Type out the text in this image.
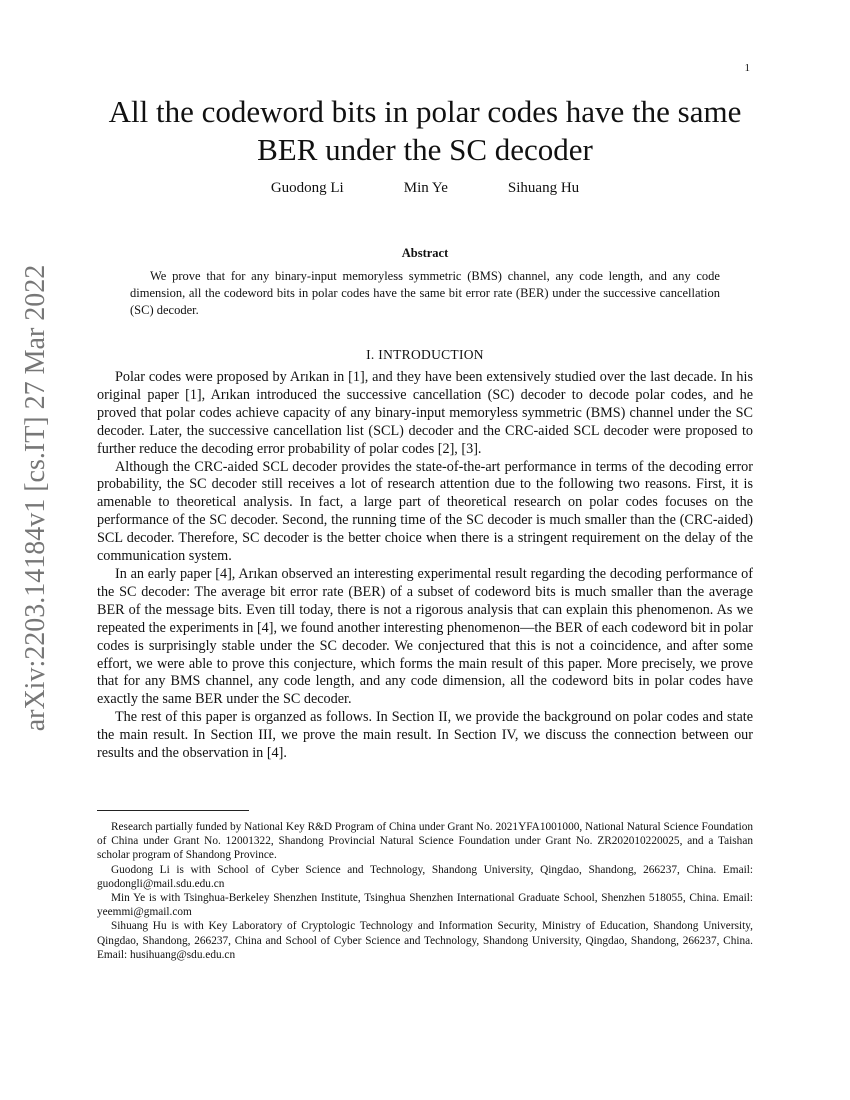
1
arXiv:2203.14184v1 [cs.IT] 27 Mar 2022
All the codeword bits in polar codes have the same BER under the SC decoder
Guodong Li	Min Ye	Sihuang Hu
Abstract

We prove that for any binary-input memoryless symmetric (BMS) channel, any code length, and any code dimension, all the codeword bits in polar codes have the same bit error rate (BER) under the successive cancellation (SC) decoder.

I. INTRODUCTION

Polar codes were proposed by Arıkan in [1], and they have been extensively studied over the last decade. In his original paper [1], Arıkan introduced the successive cancellation (SC) decoder to decode polar codes, and he proved that polar codes achieve capacity of any binary-input memoryless symmetric (BMS) channel under the SC decoder. Later, the successive cancellation list (SCL) decoder and the CRC-aided SCL decoder were proposed to further reduce the decoding error probability of polar codes [2], [3].

Although the CRC-aided SCL decoder provides the state-of-the-art performance in terms of the decoding error probability, the SC decoder still receives a lot of research attention due to the following two reasons. First, it is amenable to theoretical analysis. In fact, a large part of theoretical research on polar codes focuses on the performance of the SC decoder. Second, the running time of the SC decoder is much smaller than the (CRC-aided) SCL decoder. Therefore, SC decoder is the better choice when there is a stringent requirement on the delay of the communication system.

In an early paper [4], Arıkan observed an interesting experimental result regarding the decoding performance of the SC decoder: The average bit error rate (BER) of a subset of codeword bits is much smaller than the average BER of the message bits. Even till today, there is not a rigorous analysis that can explain this phenomenon. As we repeated the experiments in [4], we found another interesting phenomenon—the BER of each codeword bit in polar codes is surprisingly stable under the SC decoder. We conjectured that this is not a coincidence, and after some effort, we were able to prove this conjecture, which forms the main result of this paper. More precisely, we prove that for any BMS channel, any code length, and any code dimension, all the codeword bits in polar codes have exactly the same BER under the SC decoder.

The rest of this paper is organzed as follows. In Section II, we provide the background on polar codes and state the main result. In Section III, we prove the main result. In Section IV, we discuss the connection between our results and the observation in [4].

Research partially funded by National Key R&D Program of China under Grant No. 2021YFA1001000, National Natural Science Foundation of China under Grant No. 12001322, Shandong Provincial Natural Science Foundation under Grant No. ZR202010220025, and a Taishan scholar program of Shandong Province.

Guodong Li is with School of Cyber Science and Technology, Shandong University, Qingdao, Shandong, 266237, China. Email: guodongli@mail.sdu.edu.cn

Min Ye is with Tsinghua-Berkeley Shenzhen Institute, Tsinghua Shenzhen International Graduate School, Shenzhen 518055, China. Email: yeemmi@gmail.com

Sihuang Hu is with Key Laboratory of Cryptologic Technology and Information Security, Ministry of Education, Shandong University, Qingdao, Shandong, 266237, China and School of Cyber Science and Technology, Shandong University, Qingdao, Shandong, 266237, China. Email: husihuang@sdu.edu.cn
